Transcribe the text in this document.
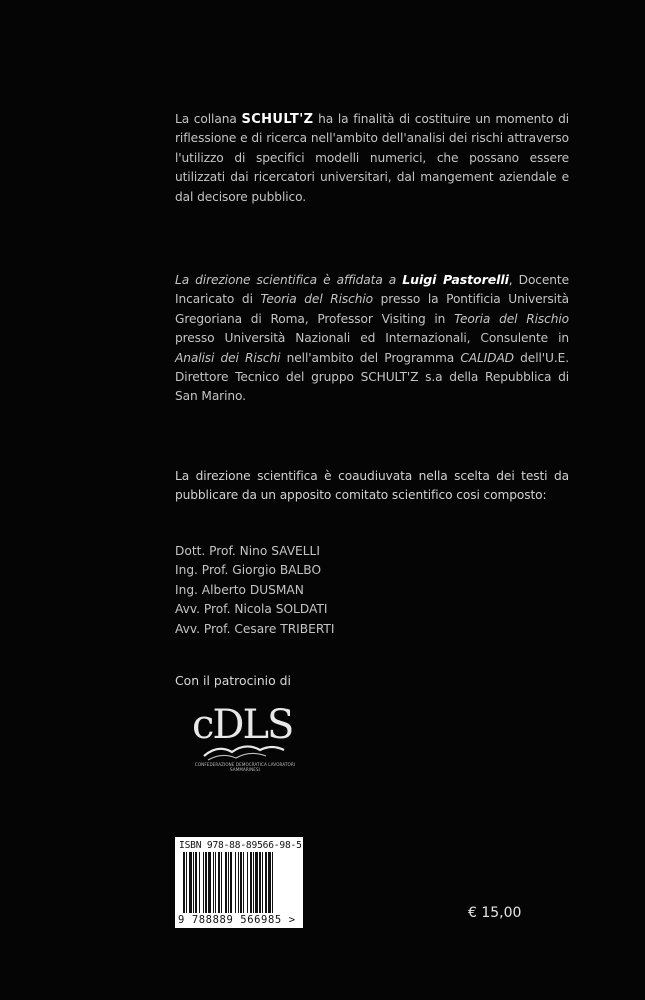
La collana SCHULT'Z ha la finalità di costituire un momento di riflessione e di ricerca nell'ambito dell'analisi dei rischi attraverso l'utilizzo di specifici modelli numerici, che possano essere utilizzati dai ricercatori universitari, dal mangement aziendale e dal decisore pubblico.
La direzione scientifica è affidata a Luigi Pastorelli, Docente Incaricato di Teoria del Rischio presso la Pontificia Università Gregoriana di Roma, Professor Visiting in Teoria del Rischio presso Università Nazionali ed Internazionali, Consulente in Analisi dei Rischi nell'ambito del Programma CALIDAD dell'U.E. Direttore Tecnico del gruppo SCHULT'Z s.a della Repubblica di San Marino.
La direzione scientifica è coaudiuvata nella scelta dei testi da pubblicare da un apposito comitato scientifico cosi composto:
Dott. Prof. Nino SAVELLI
Ing. Prof. Giorgio BALBO
Ing. Alberto DUSMAN
Avv. Prof. Nicola SOLDATI
Avv. Prof. Cesare TRIBERTI
Con il patrocinio di
cDLS
CONFEDERAZIONE DEMOCRATICA LAVORATORI SAMMARINESI
ISBN 978-88-89566-98-5
9 788889 566985 >	€ 15,00
